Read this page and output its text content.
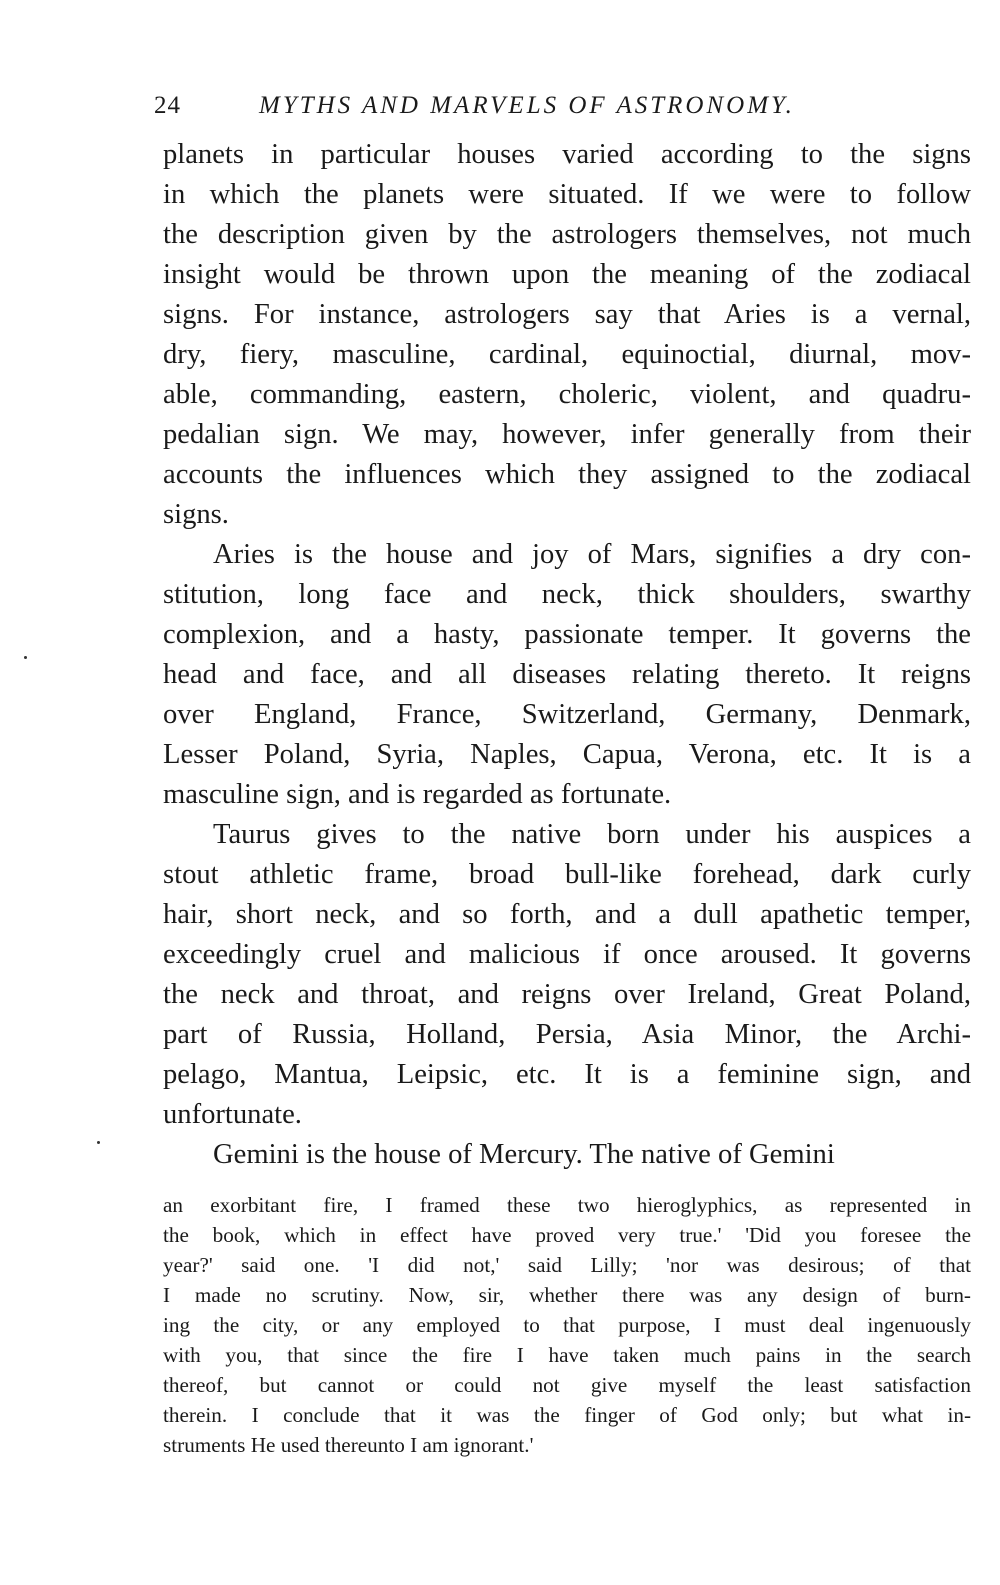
24	MYTHS AND MARVELS OF ASTRONOMY.

planets in particular houses varied according to the signs

in which the planets were situated. If we were to follow

the description given by the astrologers themselves, not much

insight would be thrown upon the meaning of the zodiacal

signs. For instance, astrologers say that Aries is a vernal,

dry, fiery, masculine, cardinal, equinoctial, diurnal, mov-

able, commanding, eastern, choleric, violent, and quadru-

pedalian sign. We may, however, infer generally from their

accounts the influences which they assigned to the zodiacal

signs.

Aries is the house and joy of Mars, signifies a dry con-

stitution, long face and neck, thick shoulders, swarthy

complexion, and a hasty, passionate temper. It governs the

head and face, and all diseases relating thereto. It reigns

over England, France, Switzerland, Germany, Denmark,

Lesser Poland, Syria, Naples, Capua, Verona, etc. It is a

masculine sign, and is regarded as fortunate.

Taurus gives to the native born under his auspices a

stout athletic frame, broad bull-like forehead, dark curly

hair, short neck, and so forth, and a dull apathetic temper,

exceedingly cruel and malicious if once aroused. It governs

the neck and throat, and reigns over Ireland, Great Poland,

part of Russia, Holland, Persia, Asia Minor, the Archi-

pelago, Mantua, Leipsic, etc. It is a feminine sign, and

unfortunate.

Gemini is the house of Mercury. The native of Gemini

an exorbitant fire, I framed these two hieroglyphics, as represented in

the book, which in effect have proved very true.' 'Did you foresee the

year?' said one. 'I did not,' said Lilly; 'nor was desirous; of that

I made no scrutiny. Now, sir, whether there was any design of burn-

ing the city, or any employed to that purpose, I must deal ingenuously

with you, that since the fire I have taken much pains in the search

thereof, but cannot or could not give myself the least satisfaction

therein. I conclude that it was the finger of God only; but what in-

struments He used thereunto I am ignorant.'
